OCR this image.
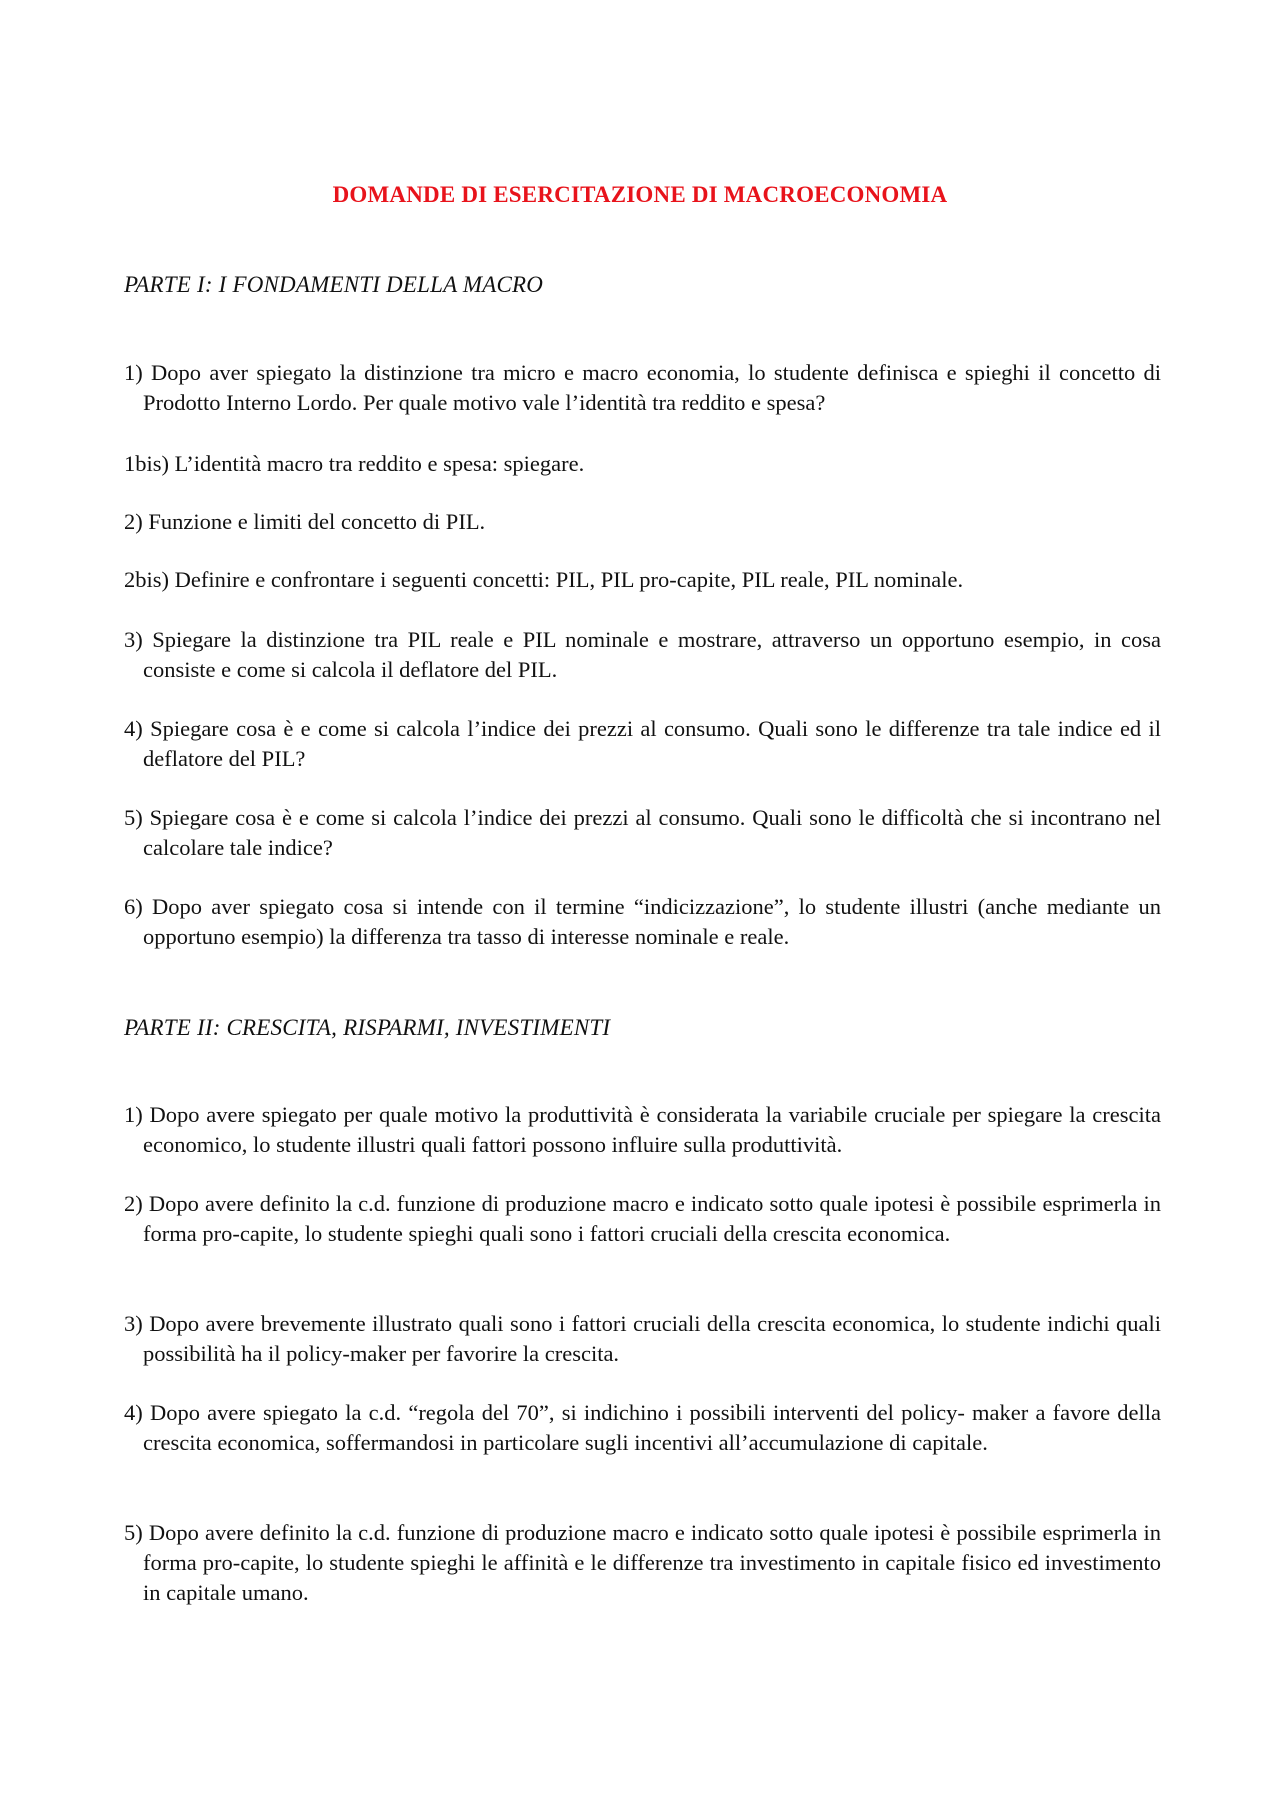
DOMANDE DI ESERCITAZIONE DI MACROECONOMIA
PARTE I: I FONDAMENTI DELLA MACRO
1) Dopo aver spiegato la distinzione tra micro e macro economia, lo studente definisca e spieghi il concetto di Prodotto Interno Lordo. Per quale motivo vale l’identità tra reddito e spesa?
1bis) L’identità macro tra reddito e spesa: spiegare.
2) Funzione e limiti del concetto di PIL.
2bis) Definire e confrontare i seguenti concetti: PIL, PIL pro-capite, PIL reale, PIL nominale.
3) Spiegare la distinzione tra PIL reale e PIL nominale e mostrare, attraverso un opportuno esempio, in cosa consiste e come si calcola il deflatore del PIL.
4) Spiegare cosa è e come si calcola l’indice dei prezzi al consumo. Quali sono le differenze tra tale indice ed il deflatore del PIL?
5) Spiegare cosa è e come si calcola l’indice dei prezzi al consumo. Quali sono le difficoltà che si incontrano nel calcolare tale indice?
6) Dopo aver spiegato cosa si intende con il termine “indicizzazione”, lo studente illustri (anche mediante un opportuno esempio) la differenza tra tasso di interesse nominale e reale.
PARTE II: CRESCITA, RISPARMI, INVESTIMENTI
1) Dopo avere spiegato per quale motivo la produttività è considerata la variabile cruciale per spiegare la crescita economico, lo studente illustri quali fattori possono influire sulla produttività.
2) Dopo avere definito la c.d. funzione di produzione macro e indicato sotto quale ipotesi è possibile esprimerla in forma pro-capite, lo studente spieghi quali sono i fattori cruciali della crescita economica.
3) Dopo avere brevemente illustrato quali sono i fattori cruciali della crescita economica, lo studente indichi quali possibilità ha il policy-maker per favorire la crescita.
4) Dopo avere spiegato la c.d. “regola del 70”, si indichino i possibili interventi del policy- maker a favore della crescita economica, soffermandosi in particolare sugli incentivi all’accumulazione di capitale.
5) Dopo avere definito la c.d. funzione di produzione macro e indicato sotto quale ipotesi è possibile esprimerla in forma pro-capite, lo studente spieghi le affinità e le differenze tra investimento in capitale fisico ed investimento in capitale umano.
